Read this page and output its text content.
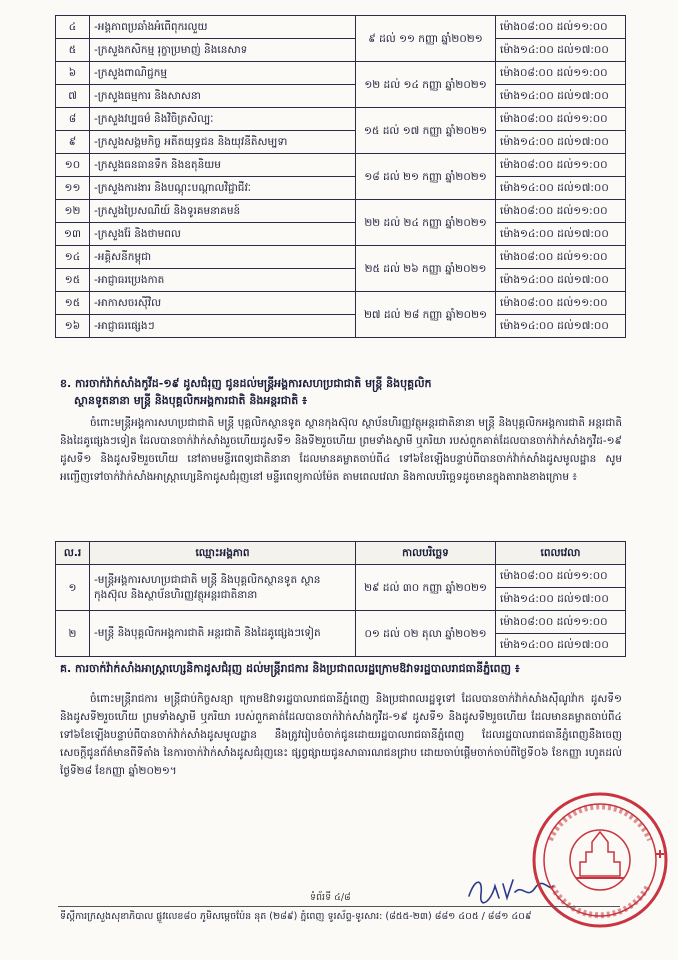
៤	-អង្គភាពប្រឆាំងអំពើពុករលួយ	៩ ដល់ ១១ កញ្ញា ឆ្នាំ២០២១	ម៉ោង០៨:០០ ដល់១១:០០
៥	-ក្រសួងកសិកម្ម រុក្ខាប្រមាញ់ និងនេសាទ		ម៉ោង១៤:០០ ដល់១៧:០០
៦	-ក្រសួងពាណិជ្ជកម្ម	១២ ដល់ ១៤ កញ្ញា ឆ្នាំ២០២១	ម៉ោង០៨:០០ ដល់១១:០០
៧	-ក្រសួងធម្មការ និងសាសនា		ម៉ោង១៤:០០ ដល់១៧:០០
៨	-ក្រសួងវប្បធម៌ និងវិចិត្រសិល្បៈ	១៥ ដល់ ១៧ កញ្ញា ឆ្នាំ២០២១	ម៉ោង០៨:០០ ដល់១១:០០
៩	-ក្រសួងសង្គមកិច្ច អតីតយុទ្ធជន និងយុវនីតិសម្បទា		ម៉ោង១៤:០០ ដល់១៧:០០
១០	-ក្រសួងធនធានទឹក និងឧតុនិយម	១៨ ដល់ ២១ កញ្ញា ឆ្នាំ២០២១	ម៉ោង០៨:០០ ដល់១១:០០
១១	-ក្រសួងការងារ និងបណ្តុះបណ្តាលវិជ្ជាជីវៈ		ម៉ោង១៤:០០ ដល់១៧:០០
១២	-ក្រសួងប្រៃសណីយ៍ និងទូរគមនាគមន៍	២២ ដល់ ២៤ កញ្ញា ឆ្នាំ២០២១	ម៉ោង០៨:០០ ដល់១១:០០
១៣	-ក្រសួងរ៉ែ និងថាមពល		ម៉ោង១៤:០០ ដល់១៧:០០
១៤	-អគ្គិសនីកម្ពុជា	២៥ ដល់ ២៦ កញ្ញា ឆ្នាំ២០២១	ម៉ោង០៨:០០ ដល់១១:០០
១៥	-អាជ្ញាធរប្រេងកាត		ម៉ោង១៤:០០ ដល់១៧:០០
១៥	-អាកាសចរស៊ីវិល	២៧ ដល់ ២៨ កញ្ញា ឆ្នាំ២០២១	ម៉ោង០៨:០០ ដល់១១:០០
១៦	-អាជ្ញាធរផ្សេងៗ		ម៉ោង១៤:០០ ដល់១៧:០០
ខ. ការចាក់វ៉ាក់សាំងកូវីដ-១៩ ដូសជំរុញ ជូនដល់មន្ត្រីអង្គការសហប្រជាជាតិ មន្ត្រី និងបុគ្គលិក
ស្ថានទូតនានា មន្ត្រី និងបុគ្គលិកអង្គការជាតិ និងអន្តរជាតិ ៖
ចំពោះមន្ត្រីអង្គការសហប្រជាជាតិ មន្ត្រី បុគ្គលិកស្ថានទូត ស្ថានកុងស៊ុល ស្ថាប័នហិរញ្ញវត្ថុអន្តរជាតិនានា មន្ត្រី និងបុគ្គលិកអង្គការជាតិ អន្តរជាតិ និងដៃគូផ្សេងៗទៀត ដែលបានចាក់វ៉ាក់សាំងរួចហើយដូសទី១ និងទី២រួចហើយ ព្រមទាំងស្វាមី ឬភរិយា របស់ពួកគាត់ដែលបានចាក់វ៉ាក់សាំងកូវីដ-១៩ ដូសទី១ និងដូសទី២រួចហើយ នៅតាមមន្ទីរពេទ្យជាតិនានា ដែលមានគម្លាតចាប់ពី៤ ទៅ៦ខែឡើងបន្ទាប់ពីបានចាក់វ៉ាក់សាំងដូសមូលដ្ឋាន សូមអញ្ជើញទៅចាក់វ៉ាក់សាំងអាស្ត្រាហ្សេនិកាដូសជំរុញនៅ មន្ទីរពេទ្យកាល់ម៉ែត តាមពេលវេលា និងកាលបរិច្ឆេទដូចមានក្នុងតារាងខាងក្រោម ៖
ល.រ	ឈ្មោះអង្គភាព	កាលបរិច្ឆេទ	ពេលវេលា
១	-មន្ត្រីអង្គការសហប្រជាជាតិ មន្ត្រី និងបុគ្គលិកស្ថានទូត ស្ថានកុងស៊ុល និងស្ថាប័នហិរញ្ញវត្ថុអន្តរជាតិនានា	២៩ ដល់ ៣០ កញ្ញា ឆ្នាំ២០២១	ម៉ោង០៨:០០ ដល់១១:០០
			ម៉ោង១៤:០០ ដល់១៧:០០
២	-មន្ត្រី និងបុគ្គលិកអង្គការជាតិ អន្តរជាតិ និងដៃគូផ្សេងៗទៀត	០១ ដល់ ០២ តុលា ឆ្នាំ២០២១	ម៉ោង០៨:០០ ដល់១១:០០
			ម៉ោង១៤:០០ ដល់១៧:០០
គ. ការចាក់វ៉ាក់សាំងអាស្ត្រាហ្សេនិកាដូសជំរុញ ដល់មន្ត្រីរាជការ និងប្រជាពលរដ្ឋក្រោមឱវាទរដ្ឋបាលរាជធានីភ្នំពេញ ៖
ចំពោះមន្ត្រីរាជការ មន្ត្រីជាប់កិច្ចសន្យា ក្រោមឱវាទរដ្ឋបាលរាជធានីភ្នំពេញ និងប្រជាពលរដ្ឋទូទៅ ដែលបានចាក់វ៉ាក់សាំងស៊ីណូវ៉ាក ដូសទី១ និងដូសទី២រួចហើយ ព្រមទាំងស្វាមី ឬភរិយា របស់ពួកគាត់ដែលបានចាក់វ៉ាក់សាំងកូវីដ-១៩ ដូសទី១ និងដូសទី២រួចហើយ ដែលមានគម្លាតចាប់ពី៤ ទៅ៦ខែឡើងបន្ទាប់ពីបានចាក់វ៉ាក់សាំងដូសមូលដ្ឋាន នឹងត្រូវរៀបចំចាក់ជូនដោយរដ្ឋបាលរាជធានីភ្នំពេញ ដែលរដ្ឋបាលរាជធានីភ្នំពេញនឹងចេញសេចក្តីជូនព័ត៌មានពីទីតាំង នៃការចាក់វ៉ាក់សាំងដូសជំរុញនេះ ផ្សព្វផ្សាយជូនសាធារណជនជ្រាប ដោយចាប់ផ្តើមចាក់ចាប់ពីថ្ងៃទី០៦ ខែកញ្ញា រហូតដល់ថ្ងៃទី២៨ ខែកញ្ញា ឆ្នាំ២០២១។
ទំព័រទី ៤/៨
ទីស្តីការក្រសួងសុខាភិបាល ផ្លូវលេខ៨០ ភូមិសម្តេចប៉ែន នុត (២៨៩) ភ្នំពេញ ទូរស័ព្ទ-ទូរសារ: (៨៥៥-២៣) ៨៨១ ៤០៥ / ៨៨១ ៤០៩
